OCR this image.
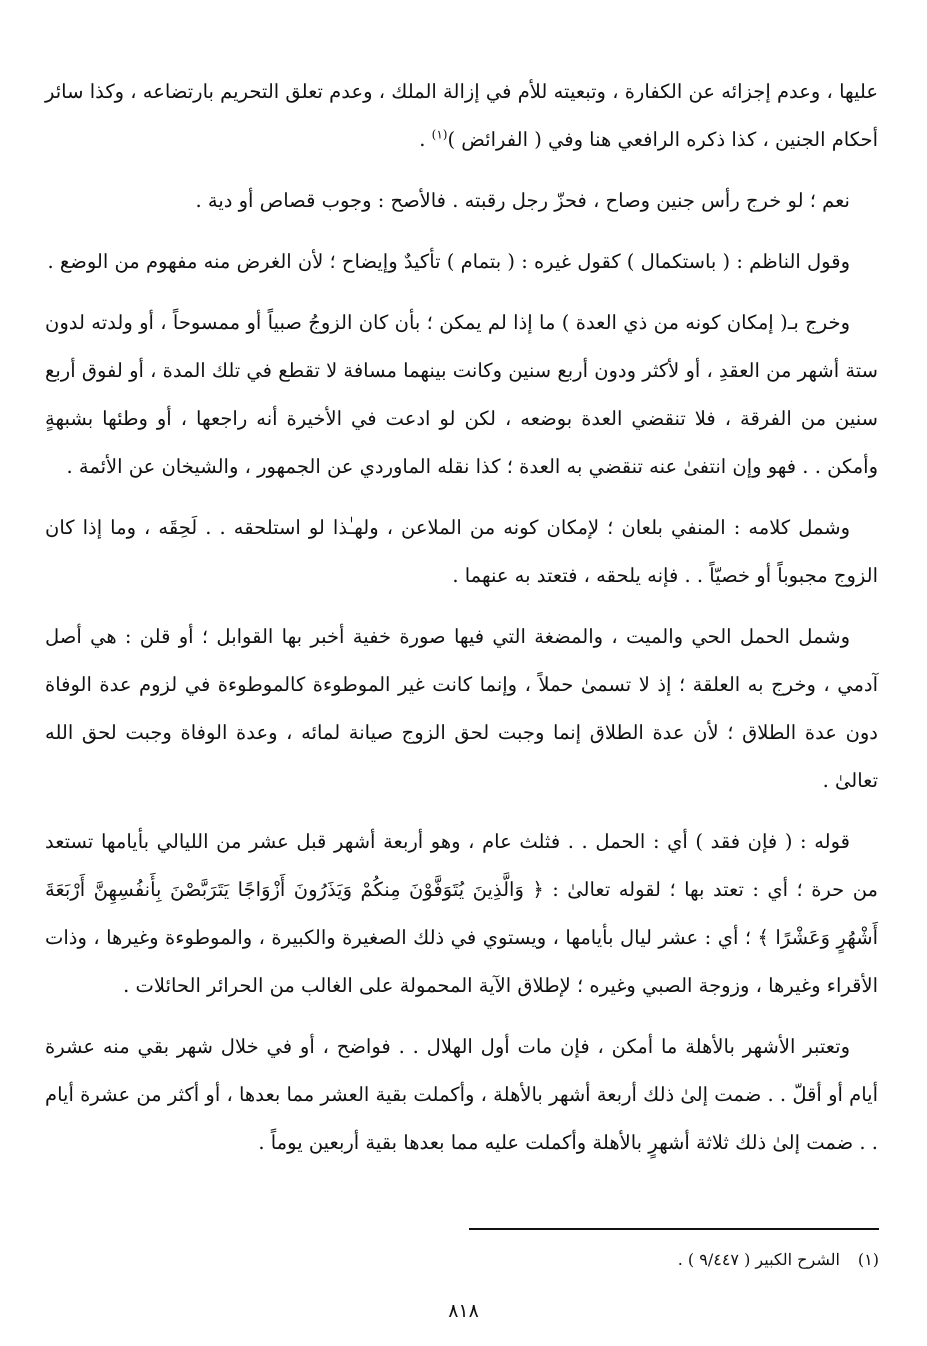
عليها ، وعدم إجزائه عن الكفارة ، وتبعيته للأم في إزالة الملك ، وعدم تعلق التحريم بارتضاعه ، وكذا سائر أحكام الجنين ، كذا ذكره الرافعي هنا وفي ( الفرائض )$^{(١)}$ .

نعم ؛ لو خرج رأس جنين وصاح ، فحزّ رجل رقبته . فالأصح : وجوب قصاص أو دية .

وقول الناظم : ( باستكمال ) كقول غيره : ( بتمام ) تأكيدٌ وإيضاح ؛ لأن الغرض منه مفهوم من الوضع .

وخرج بـ( إمكان كونه من ذي العدة ) ما إذا لم يمكن ؛ بأن كان الزوجُ صبياً أو ممسوحاً ، أو ولدته لدون ستة أشهر من العقدِ ، أو لأكثر ودون أربع سنين وكانت بينهما مسافة لا تقطع في تلك المدة ، أو لفوق أربع سنين من الفرقة ، فلا تنقضي العدة بوضعه ، لكن لو ادعت في الأخيرة أنه راجعها ، أو وطئها بشبهةٍ وأمكن . . فهو وإن انتفىٰ عنه تنقضي به العدة ؛ كذا نقله الماوردي عن الجمهور ، والشيخان عن الأئمة .

وشمل كلامه : المنفي بلعان ؛ لإمكان كونه من الملاعن ، ولهـٰذا لو استلحقه . . لَحِقَه ، وما إذا كان الزوج مجبوباً أو خصيّاً . . فإنه يلحقه ، فتعتد به عنهما .

وشمل الحمل الحي والميت ، والمضغة التي فيها صورة خفية أخبر بها القوابل ؛ أو قلن : هي أصل آدمي ، وخرج به العلقة ؛ إذ لا تسمىٰ حملاً ، وإنما كانت غير الموطوءة كالموطوءة في لزوم عدة الوفاة دون عدة الطلاق ؛ لأن عدة الطلاق إنما وجبت لحق الزوج صيانة لمائه ، وعدة الوفاة وجبت لحق الله تعالىٰ .

قوله : ( فإن فقد ) أي : الحمل . . فثلث عام ، وهو أربعة أشهر قبل عشر من الليالي بأيامها تستعد من حرة ؛ أي : تعتد بها ؛ لقوله تعالىٰ : ﴿ وَالَّذِينَ يُتَوَفَّوْنَ مِنكُمْ وَيَذَرُونَ أَزْوَاجًا يَتَرَبَّصْنَ بِأَنفُسِهِنَّ أَرْبَعَةَ أَشْهُرٍ وَعَشْرًا ﴾ ؛ أي : عشر ليال بأيامها ، ويستوي في ذلك الصغيرة والكبيرة ، والموطوءة وغيرها ، وذات الأقراء وغيرها ، وزوجة الصبي وغيره ؛ لإطلاق الآية المحمولة على الغالب من الحرائر الحائلات .

وتعتبر الأشهر بالأهلة ما أمكن ، فإن مات أول الهلال . . فواضح ، أو في خلال شهر بقي منه عشرة أيام أو أقلّ . . ضمت إلىٰ ذلك أربعة أشهر بالأهلة ، وأكملت بقية العشر مما بعدها ، أو أكثر من عشرة أيام . . ضمت إلىٰ ذلك ثلاثة أشهرٍ بالأهلة وأكملت عليه مما بعدها بقية أربعين يوماً .

(١)الشرح الكبير ( ٩/٤٤٧ ) .
٨١٨
